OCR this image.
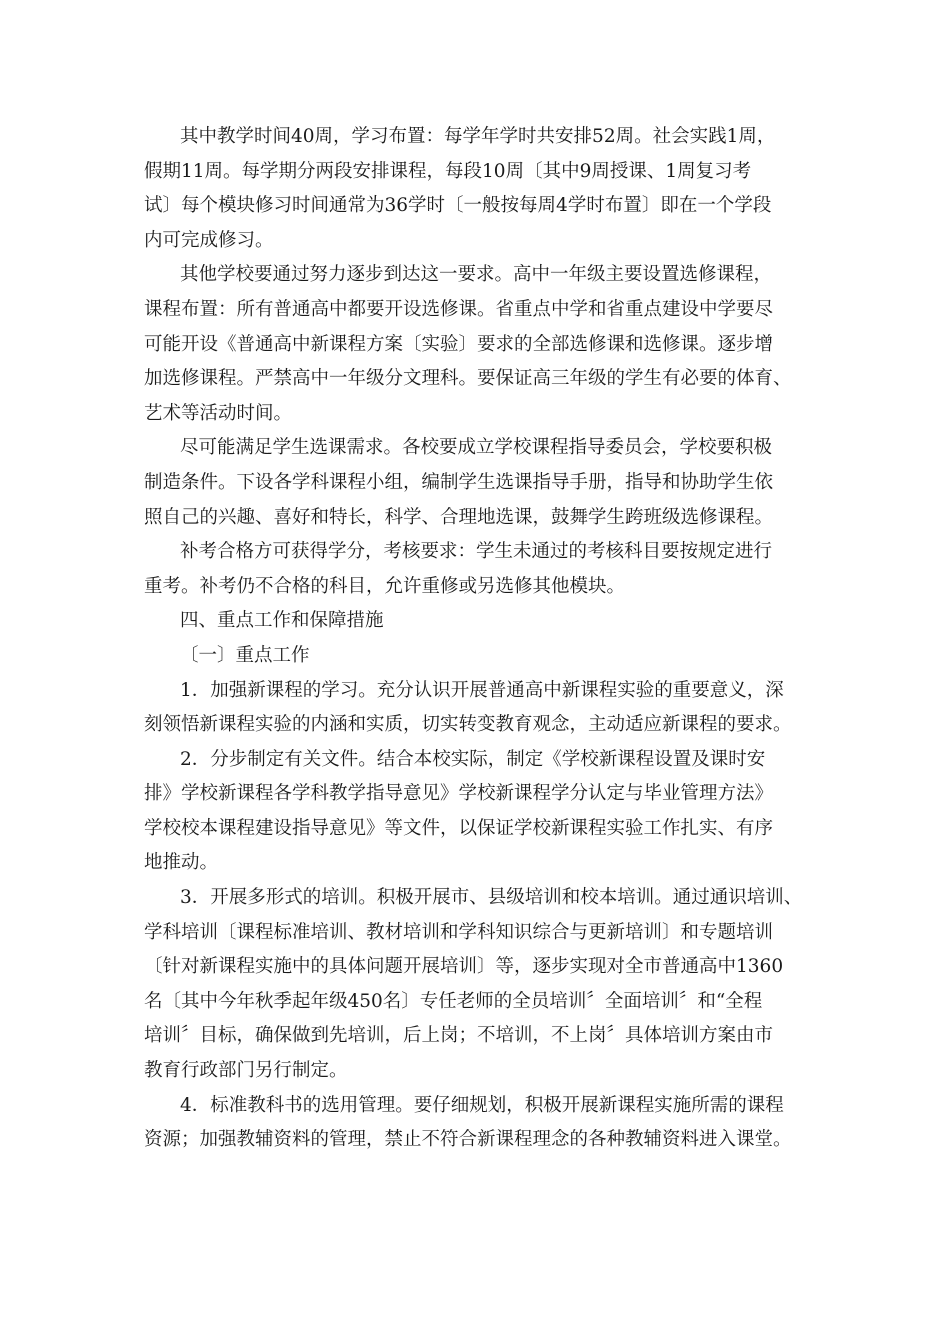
其中教学时间40周，学习布置：每学年学时共安排52周。社会实践1周，
假期11周。每学期分两段安排课程，每段10周〔其中9周授课、1周复习考
试〕每个模块修习时间通常为36学时〔一般按每周4学时布置〕即在一个学段
内可完成修习。
其他学校要通过努力逐步到达这一要求。高中一年级主要设置选修课程，
课程布置：所有普通高中都要开设选修课。省重点中学和省重点建设中学要尽
可能开设《普通高中新课程方案〔实验〕要求的全部选修课和选修课。逐步增
加选修课程。严禁高中一年级分文理科。要保证高三年级的学生有必要的体育、
艺术等活动时间。
尽可能满足学生选课需求。各校要成立学校课程指导委员会，学校要积极
制造条件。下设各学科课程小组，编制学生选课指导手册，指导和协助学生依
照自己的兴趣、喜好和特长，科学、合理地选课，鼓舞学生跨班级选修课程。
补考合格方可获得学分，考核要求：学生未通过的考核科目要按规定进行
重考。补考仍不合格的科目，允许重修或另选修其他模块。
四、重点工作和保障措施
〔一〕重点工作
1．加强新课程的学习。充分认识开展普通高中新课程实验的重要意义，深
刻领悟新课程实验的内涵和实质，切实转变教育观念，主动适应新课程的要求。
2．分步制定有关文件。结合本校实际，制定《学校新课程设置及课时安
排》学校新课程各学科教学指导意见》学校新课程学分认定与毕业管理方法》
学校校本课程建设指导意见》等文件，以保证学校新课程实验工作扎实、有序
地推动。
3．开展多形式的培训。积极开展市、县级培训和校本培训。通过通识培训、
学科培训〔课程标准培训、教材培训和学科知识综合与更新培训〕和专题培训
〔针对新课程实施中的具体问题开展培训〕等，逐步实现对全市普通高中1360
名〔其中今年秋季起年级450名〕专任老师的全员培训〞全面培训〞和“全程
培训〞目标，确保做到先培训，后上岗；不培训，不上岗〞具体培训方案由市
教育行政部门另行制定。
4．标准教科书的选用管理。要仔细规划，积极开展新课程实施所需的课程
资源；加强教辅资料的管理，禁止不符合新课程理念的各种教辅资料进入课堂。
